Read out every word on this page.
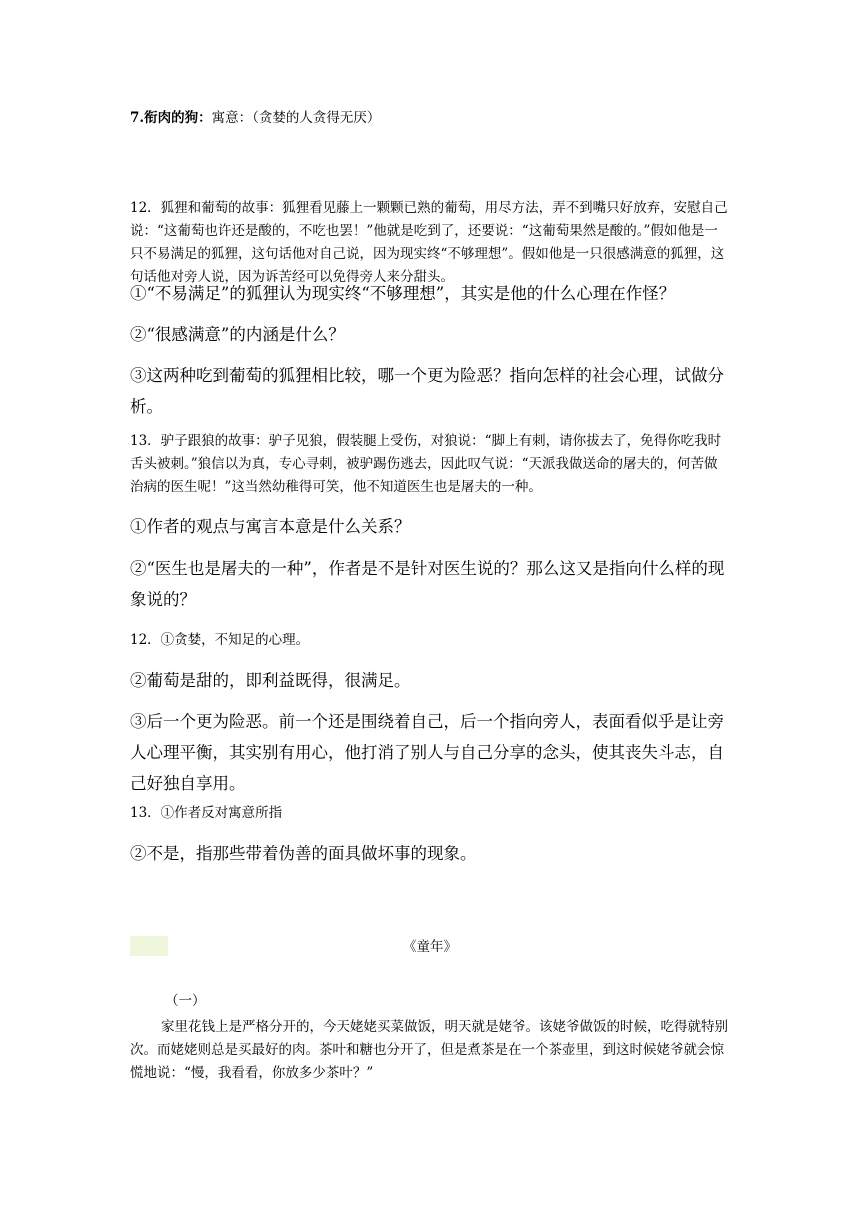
7.衔肉的狗：寓意：（贪婪的人贪得无厌）

12．狐狸和葡萄的故事：狐狸看见藤上一颗颗已熟的葡萄，用尽方法，弄不到嘴只好放弃，安慰自己说：“这葡萄也许还是酸的，不吃也罢！”他就是吃到了，还要说：“这葡萄果然是酸的。”假如他是一只不易满足的狐狸，这句话他对自己说，因为现实终“不够理想”。假如他是一只很感满意的狐狸，这句话他对旁人说，因为诉苦经可以免得旁人来分甜头。

①“不易满足”的狐狸认为现实终“不够理想”，其实是他的什么心理在作怪？

②“很感满意”的内涵是什么？

③这两种吃到葡萄的狐狸相比较，哪一个更为险恶？指向怎样的社会心理，试做分析。

13．驴子跟狼的故事：驴子见狼，假装腿上受伤，对狼说：“脚上有刺，请你拔去了，免得你吃我时舌头被刺。”狼信以为真，专心寻刺，被驴踢伤逃去，因此叹气说：“天派我做送命的屠夫的，何苦做治病的医生呢！”这当然幼稚得可笑，他不知道医生也是屠夫的一种。

①作者的观点与寓言本意是什么关系？

②“医生也是屠夫的一种”，作者是不是针对医生说的？那么这又是指向什么样的现象说的？

12．①贪婪，不知足的心理。

②葡萄是甜的，即利益既得，很满足。

③后一个更为险恶。前一个还是围绕着自己，后一个指向旁人，表面看似乎是让旁人心理平衡，其实别有用心，他打消了别人与自己分享的念头，使其丧失斗志，自己好独自享用。

13．①作者反对寓意所指

②不是，指那些带着伪善的面具做坏事的现象。

《童年》

（一）

家里花钱上是严格分开的，今天姥姥买菜做饭，明天就是姥爷。该姥爷做饭的时候，吃得就特别次。而姥姥则总是买最好的肉。茶叶和糖也分开了，但是煮茶是在一个茶壶里，到这时候姥爷就会惊慌地说：“慢，我看看，你放多少茶叶？”
